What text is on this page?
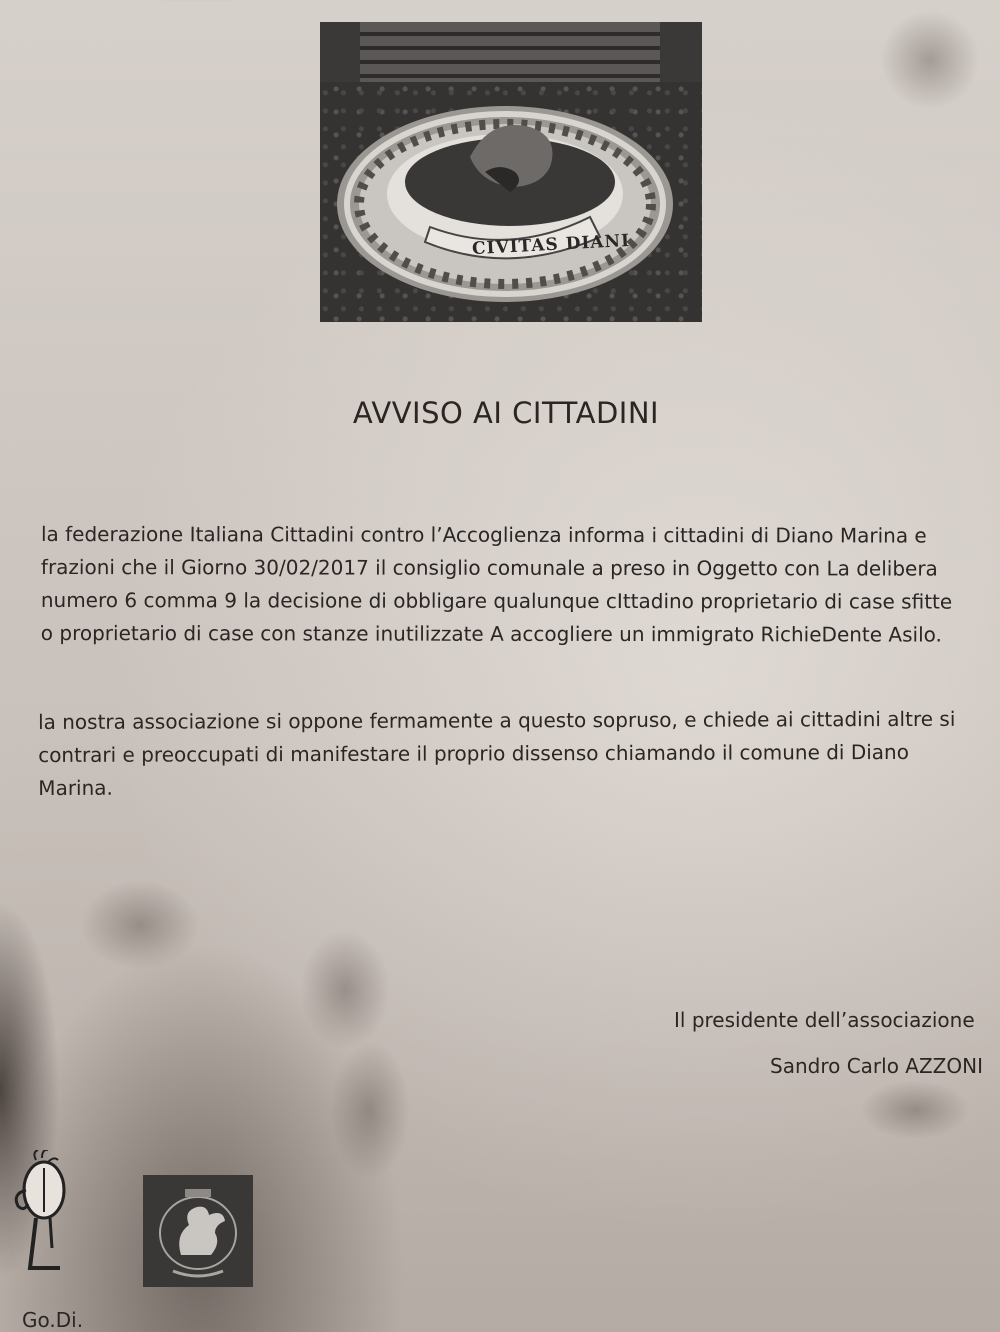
CIVITAS DIANI
AVVISO AI CITTADINI
la federazione Italiana Cittadini contro l’Accoglienza informa i cittadini di Diano Marina e
frazioni che il Giorno 30/02/2017 il consiglio comunale a preso in Oggetto con La delibera
numero 6 comma 9 la decisione di obbligare qualunque cIttadino proprietario di case sfitte
o proprietario di case con stanze inutilizzate A accogliere un immigrato RichieDente Asilo.
la nostra associazione si oppone fermamente a questo sopruso, e chiede ai cittadini altre si
contrari e preoccupati di manifestare il proprio dissenso chiamando il comune di Diano
Marina.
Il presidente dell’associazione
Sandro Carlo AZZONI
Go.Di.
